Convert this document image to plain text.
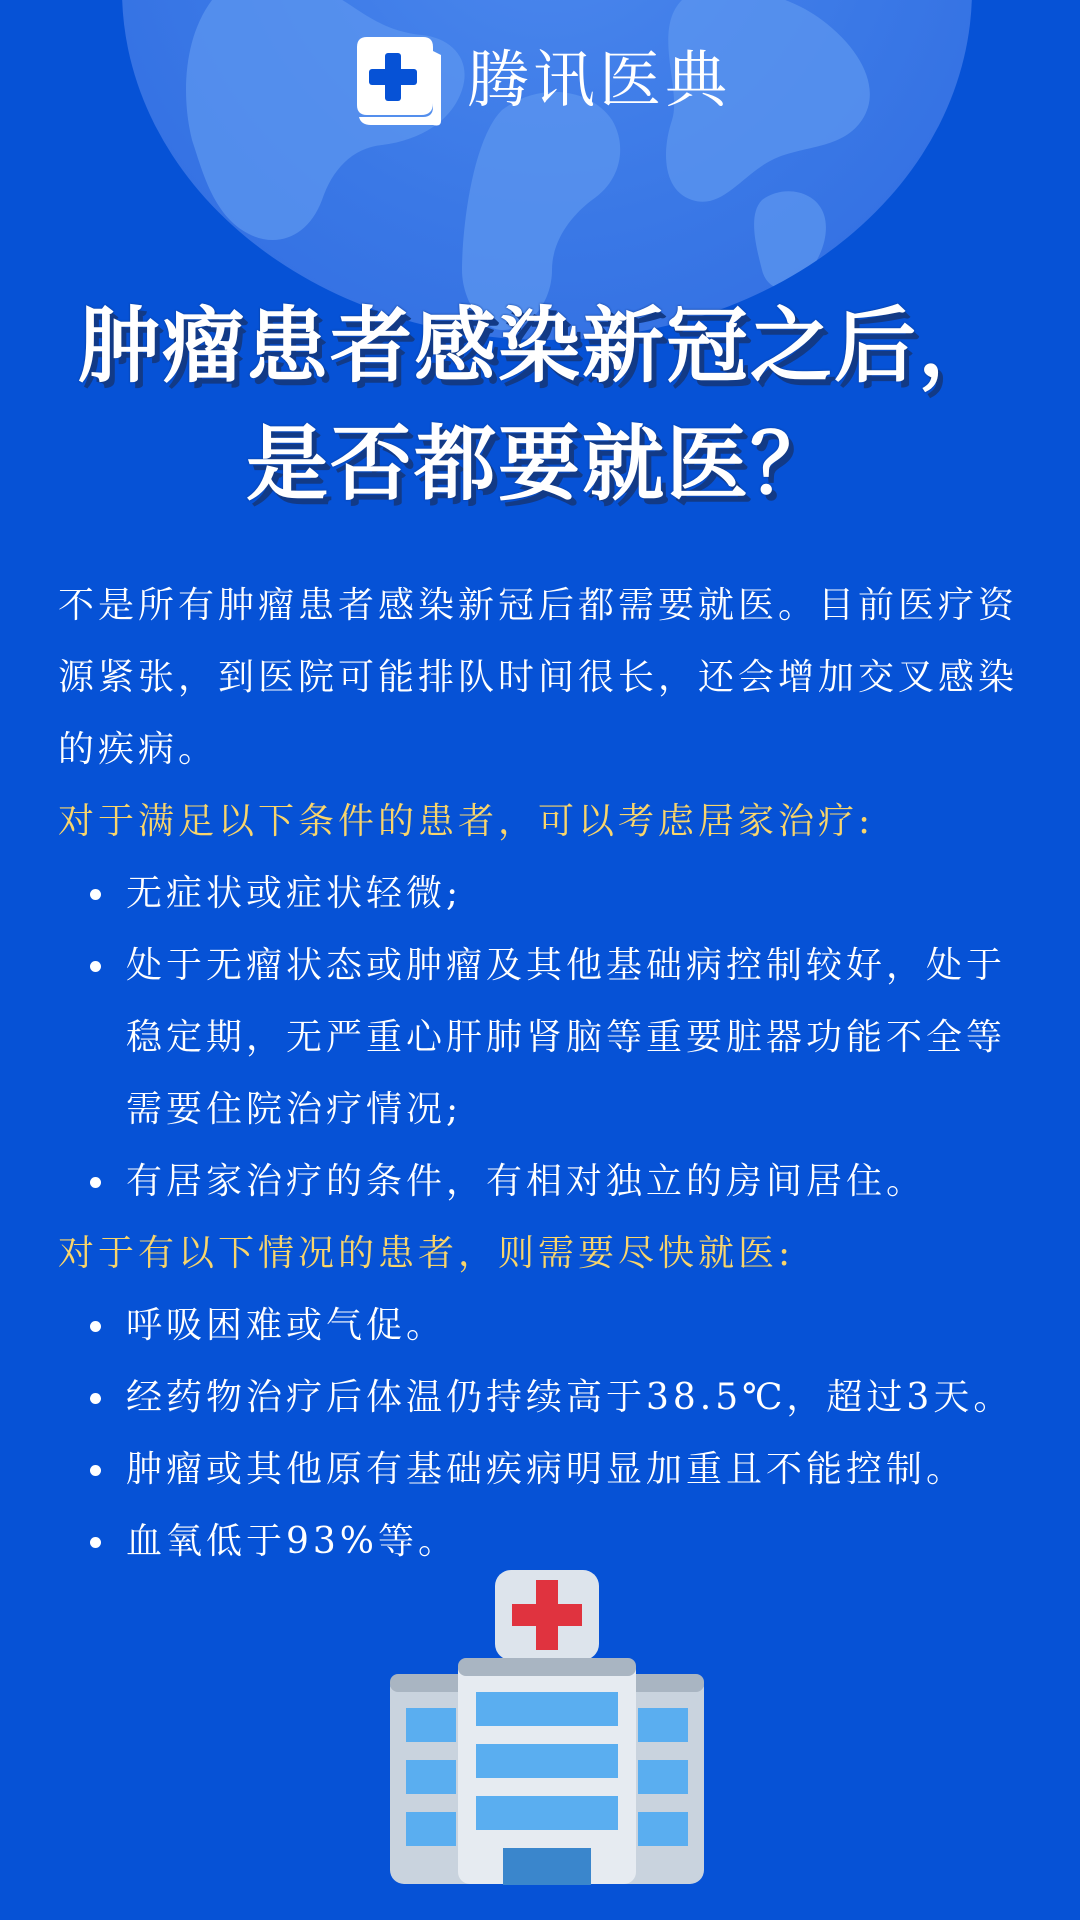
腾讯医典
肿瘤患者感染新冠之后，
是否都要就医？

不是所有肿瘤患者感染新冠后都需要就医。目前医疗资源紧张，到医院可能排队时间很长，还会增加交叉感染的疾病。

对于满足以下条件的患者，可以考虑居家治疗:

无症状或症状轻微;
处于无瘤状态或肿瘤及其他基础病控制较好，处于稳定期，无严重心肝肺肾脑等重要脏器功能不全等需要住院治疗情况;
有居家治疗的条件，有相对独立的房间居住。

对于有以下情况的患者，则需要尽快就医:

呼吸困难或气促。
经药物治疗后体温仍持续高于38.5℃，超过3天。
肿瘤或其他原有基础疾病明显加重且不能控制。
血氧低于93%等。
